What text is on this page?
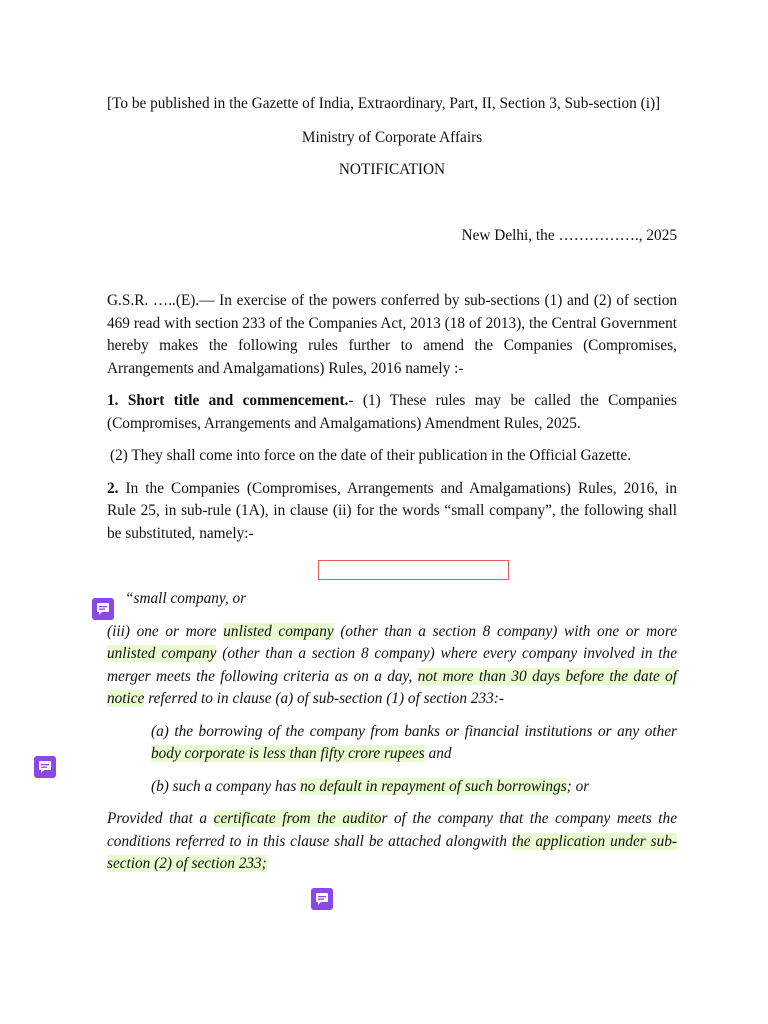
[To be published in the Gazette of India, Extraordinary, Part, II, Section 3, Sub-section (i)]

Ministry of Corporate Affairs

NOTIFICATION

New Delhi, the ……………., 2025

G.S.R. …..(E).— In exercise of the powers conferred by sub-sections (1) and (2) of section 469 read with section 233 of the Companies Act, 2013 (18 of 2013), the Central Government hereby makes the following rules further to amend the Companies (Compromises, Arrangements and Amalgamations) Rules, 2016 namely :-

1. Short title and commencement.- (1) These rules may be called the Companies (Compromises, Arrangements and Amalgamations) Amendment Rules, 2025.

(2) They shall come into force on the date of their publication in the Official Gazette.

2. In the Companies (Compromises, Arrangements and Amalgamations) Rules, 2016, in Rule 25, in sub-rule (1A), in clause (ii) for the words “small company”, the following shall be substituted, namely:-

“small company, or

(iii) one or more unlisted company (other than a section 8 company) with one or more unlisted company (other than a section 8 company) where every company involved in the merger meets the following criteria as on a day, not more than 30 days before the date of notice referred to in clause (a) of sub-section (1) of section 233:-

(a) the borrowing of the company from banks or financial institutions or any other body corporate is less than fifty crore rupees and

(b) such a company has no default in repayment of such borrowings; or

Provided that a certificate from the auditor of the company that the company meets the conditions referred to in this clause shall be attached alongwith the application under sub-section (2) of section 233;
